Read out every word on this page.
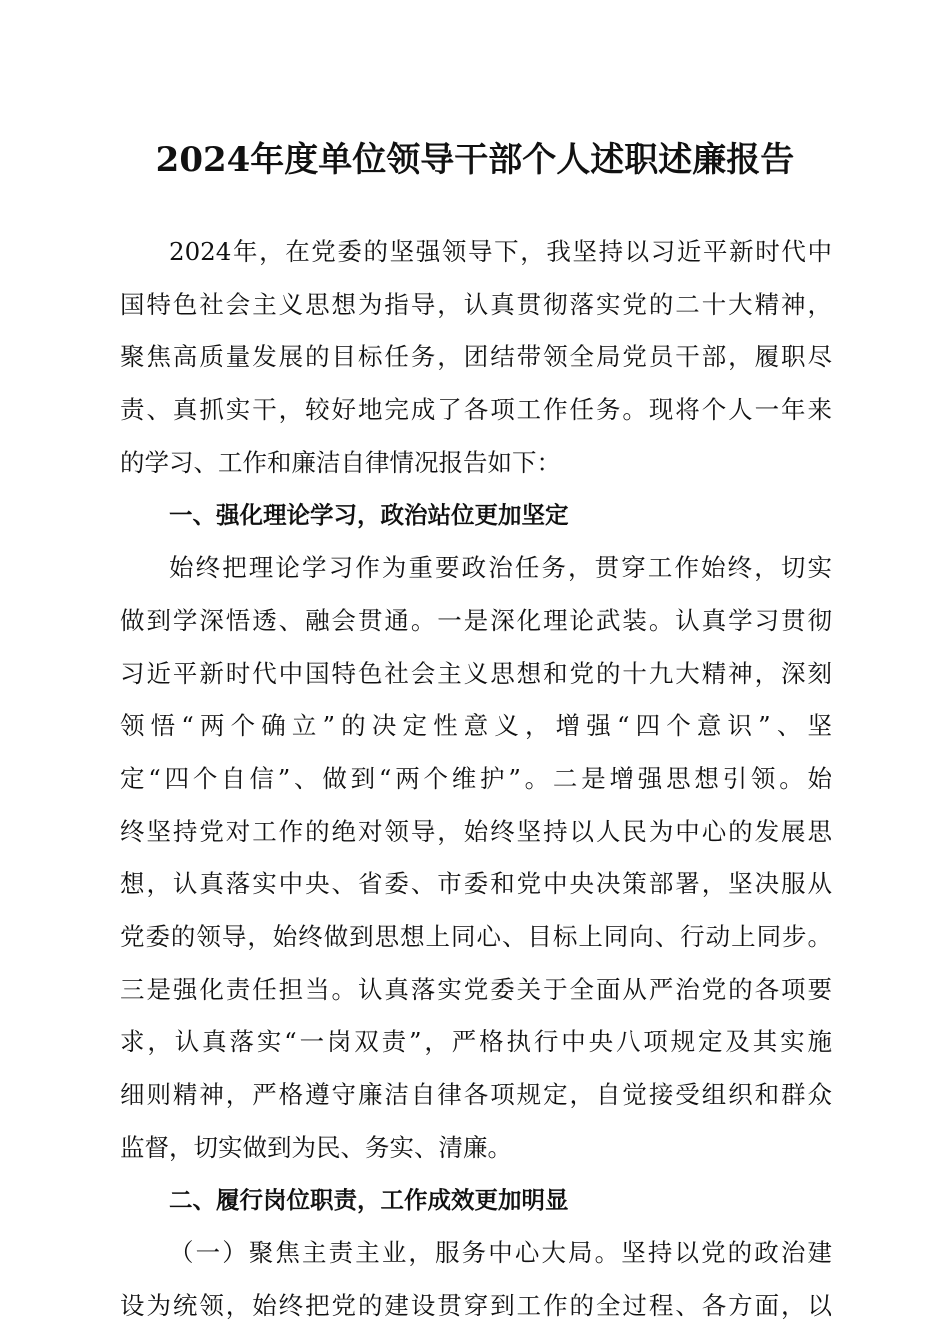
2024年度单位领导干部个人述职述廉报告
2024年，在党委的坚强领导下，我坚持以习近平新时代中
国特色社会主义思想为指导，认真贯彻落实党的二十大精神，
聚焦高质量发展的目标任务，团结带领全局党员干部，履职尽
责、真抓实干，较好地完成了各项工作任务。现将个人一年来
的学习、工作和廉洁自律情况报告如下：
一、强化理论学习，政治站位更加坚定
始终把理论学习作为重要政治任务，贯穿工作始终，切实
做到学深悟透、融会贯通。一是深化理论武装。认真学习贯彻
习近平新时代中国特色社会主义思想和党的十九大精神，深刻
领悟“两个确立”的决定性意义，增强“四个意识”、坚
定“四个自信”、做到“两个维护”。二是增强思想引领。始
终坚持党对工作的绝对领导，始终坚持以人民为中心的发展思
想，认真落实中央、省委、市委和党中央决策部署，坚决服从
党委的领导，始终做到思想上同心、目标上同向、行动上同步。
三是强化责任担当。认真落实党委关于全面从严治党的各项要
求，认真落实“一岗双责”，严格执行中央八项规定及其实施
细则精神，严格遵守廉洁自律各项规定，自觉接受组织和群众
监督，切实做到为民、务实、清廉。
二、履行岗位职责，工作成效更加明显
（一）聚焦主责主业，服务中心大局。坚持以党的政治建
设为统领，始终把党的建设贯穿到工作的全过程、各方面，以
